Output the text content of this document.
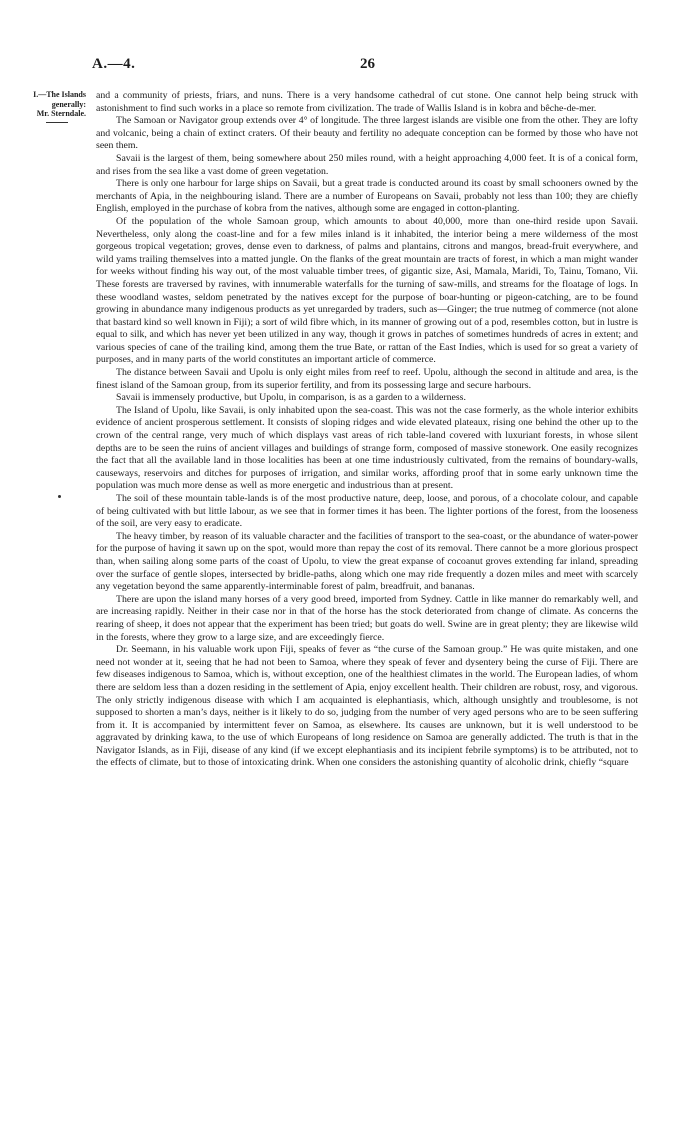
A.—4.	26
I.—The Islands
generally:
Mr. Sterndale.

and a community of priests, friars, and nuns. There is a very handsome cathedral of cut stone. One cannot help being struck with astonishment to find such works in a place so remote from civilization. The trade of Wallis Island is in kobra and bêche-de-mer.

The Samoan or Navigator group extends over 4° of longitude. The three largest islands are visible one from the other. They are lofty and volcanic, being a chain of extinct craters. Of their beauty and fertility no adequate conception can be formed by those who have not seen them.

Savaii is the largest of them, being somewhere about 250 miles round, with a height approaching 4,000 feet. It is of a conical form, and rises from the sea like a vast dome of green vegetation.

There is only one harbour for large ships on Savaii, but a great trade is conducted around its coast by small schooners owned by the merchants of Apia, in the neighbouring island. There are a number of Europeans on Savaii, probably not less than 100; they are chiefly English, employed in the purchase of kobra from the natives, although some are engaged in cotton-planting.

Of the population of the whole Samoan group, which amounts to about 40,000, more than one-third reside upon Savaii. Nevertheless, only along the coast-line and for a few miles inland is it inhabited, the interior being a mere wilderness of the most gorgeous tropical vegetation; groves, dense even to darkness, of palms and plantains, citrons and mangos, bread-fruit everywhere, and wild yams trailing themselves into a matted jungle. On the flanks of the great mountain are tracts of forest, in which a man might wander for weeks without finding his way out, of the most valuable timber trees, of gigantic size, Asi, Mamala, Maridi, To, Tainu, Tomano, Vii. These forests are traversed by ravines, with innumerable waterfalls for the turning of saw-mills, and streams for the floatage of logs. In these woodland wastes, seldom penetrated by the natives except for the purpose of boar-hunting or pigeon-catching, are to be found growing in abundance many indigenous products as yet unregarded by traders, such as—Ginger; the true nutmeg of commerce (not alone that bastard kind so well known in Fiji); a sort of wild fibre which, in its manner of growing out of a pod, resembles cotton, but in lustre is equal to silk, and which has never yet been utilized in any way, though it grows in patches of sometimes hundreds of acres in extent; and various species of cane of the trailing kind, among them the true Bate, or rattan of the East Indies, which is used for so great a variety of purposes, and in many parts of the world constitutes an important article of commerce.

The distance between Savaii and Upolu is only eight miles from reef to reef. Upolu, although the second in altitude and area, is the finest island of the Samoan group, from its superior fertility, and from its possessing large and secure harbours.

Savaii is immensely productive, but Upolu, in comparison, is as a garden to a wilderness.

The Island of Upolu, like Savaii, is only inhabited upon the sea-coast. This was not the case formerly, as the whole interior exhibits evidence of ancient prosperous settlement. It consists of sloping ridges and wide elevated plateaux, rising one behind the other up to the crown of the central range, very much of which displays vast areas of rich table-land covered with luxuriant forests, in whose silent depths are to be seen the ruins of ancient villages and buildings of strange form, composed of massive stonework. One easily recognizes the fact that all the available land in those localities has been at one time industriously cultivated, from the remains of boundary-walls, causeways, reservoirs and ditches for purposes of irrigation, and similar works, affording proof that in some early unknown time the population was much more dense as well as more energetic and industrious than at present.

The soil of these mountain table-lands is of the most productive nature, deep, loose, and porous, of a chocolate colour, and capable of being cultivated with but little labour, as we see that in former times it has been. The lighter portions of the forest, from the looseness of the soil, are very easy to eradicate.

The heavy timber, by reason of its valuable character and the facilities of transport to the sea-coast, or the abundance of water-power for the purpose of having it sawn up on the spot, would more than repay the cost of its removal. There cannot be a more glorious prospect than, when sailing along some parts of the coast of Upolu, to view the great expanse of cocoanut groves extending far inland, spreading over the surface of gentle slopes, intersected by bridle-paths, along which one may ride frequently a dozen miles and meet with scarcely any vegetation beyond the same apparently-interminable forest of palm, breadfruit, and bananas.

There are upon the island many horses of a very good breed, imported from Sydney. Cattle in like manner do remarkably well, and are increasing rapidly. Neither in their case nor in that of the horse has the stock deteriorated from change of climate. As concerns the rearing of sheep, it does not appear that the experiment has been tried; but goats do well. Swine are in great plenty; they are likewise wild in the forests, where they grow to a large size, and are exceedingly fierce.

Dr. Seemann, in his valuable work upon Fiji, speaks of fever as “the curse of the Samoan group.” He was quite mistaken, and one need not wonder at it, seeing that he had not been to Samoa, where they speak of fever and dysentery being the curse of Fiji. There are few diseases indigenous to Samoa, which is, without exception, one of the healthiest climates in the world. The European ladies, of whom there are seldom less than a dozen residing in the settlement of Apia, enjoy excellent health. Their children are robust, rosy, and vigorous. The only strictly indigenous disease with which I am acquainted is elephantiasis, which, although unsightly and troublesome, is not supposed to shorten a man’s days, neither is it likely to do so, judging from the number of very aged persons who are to be seen suffering from it. It is accompanied by intermittent fever on Samoa, as elsewhere. Its causes are unknown, but it is well understood to be aggravated by drinking kawa, to the use of which Europeans of long residence on Samoa are generally addicted. The truth is that in the Navigator Islands, as in Fiji, disease of any kind (if we except elephantiasis and its incipient febrile symptoms) is to be attributed, not to the effects of climate, but to those of intoxicating drink. When one considers the astonishing quantity of alcoholic drink, chiefly “square
